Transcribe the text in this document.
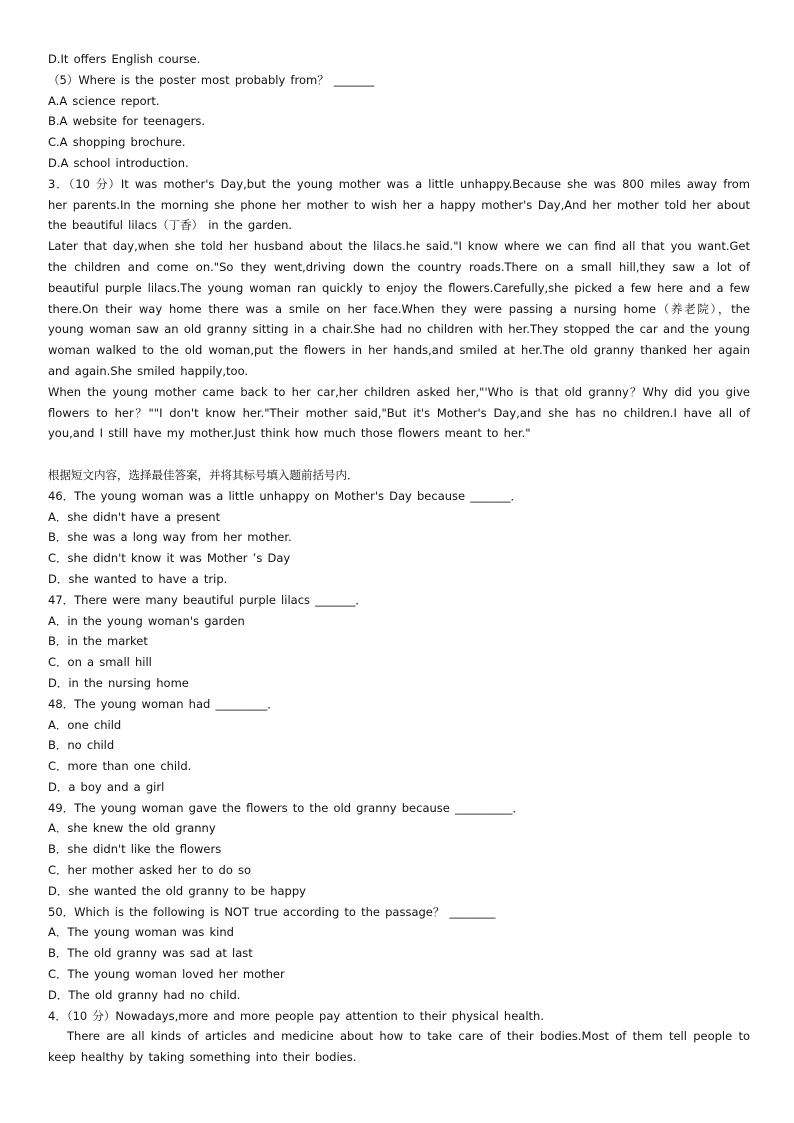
D.It offers English course.
（5）Where is the poster most probably from？ _______
A.A science report.
B.A website for teenagers.
C.A shopping brochure.
D.A school introduction.
3．（10 分）It was mother's Day,but the young mother was a little unhappy.Because she was 800 miles away from her parents.In the morning she phone her mother to wish her a happy mother's Day,And her mother told her about the beautiful lilacs（丁香） in the garden.
Later that day,when she told her husband about the lilacs.he said."I know where we can find all that you want.Get the children and come on."So they went,driving down the country roads.There on a small hill,they saw a lot of beautiful purple lilacs.The young woman ran quickly to enjoy the flowers.Carefully,she picked a few here and a few there.On their way home there was a smile on her face.When they were passing a nursing home（养老院），the young woman saw an old granny sitting in a chair.She had no children with her.They stopped the car and the young woman walked to the old woman,put the flowers in her hands,and smiled at her.The old granny thanked her again and again.She smiled happily,too.
When the young mother came back to her car,her children asked her,"'Who is that old granny？Why did you give flowers to her？""I don't know her."Their mother said,"But it's Mother's Day,and she has no children.I have all of you,and I still have my mother.Just think how much those flowers meant to her."
根据短文内容，选择最佳答案，并将其标号填入题前括号内．
46．The young woman was a little unhappy on Mother's Day because _______．
A．she didn't have a present
B．she was a long way from her mother.
C．she didn't know it was Mother ’s Day
D．she wanted to have a trip.
47．There were many beautiful purple lilacs _______．
A．in the young woman's garden
B．in the market
C．on a small hill
D．in the nursing home
48．The young woman had _________．
A．one child
B．no child
C．more than one child.
D．a boy and a girl
49．The young woman gave the flowers to the old granny because __________．
A．she knew the old granny
B．she didn't like the flowers
C．her mother asked her to do so
D．she wanted the old granny to be happy
50．Which is the following is NOT true according to the passage？ ________
A．The young woman was kind
B．The old granny was sad at last
C．The young woman loved her mother
D．The old granny had no child.
4．（10 分）Nowadays,more and more people pay attention to their physical health.
There are all kinds of articles and medicine about how to take care of their bodies.Most of them tell people to keep healthy by taking something into their bodies.
